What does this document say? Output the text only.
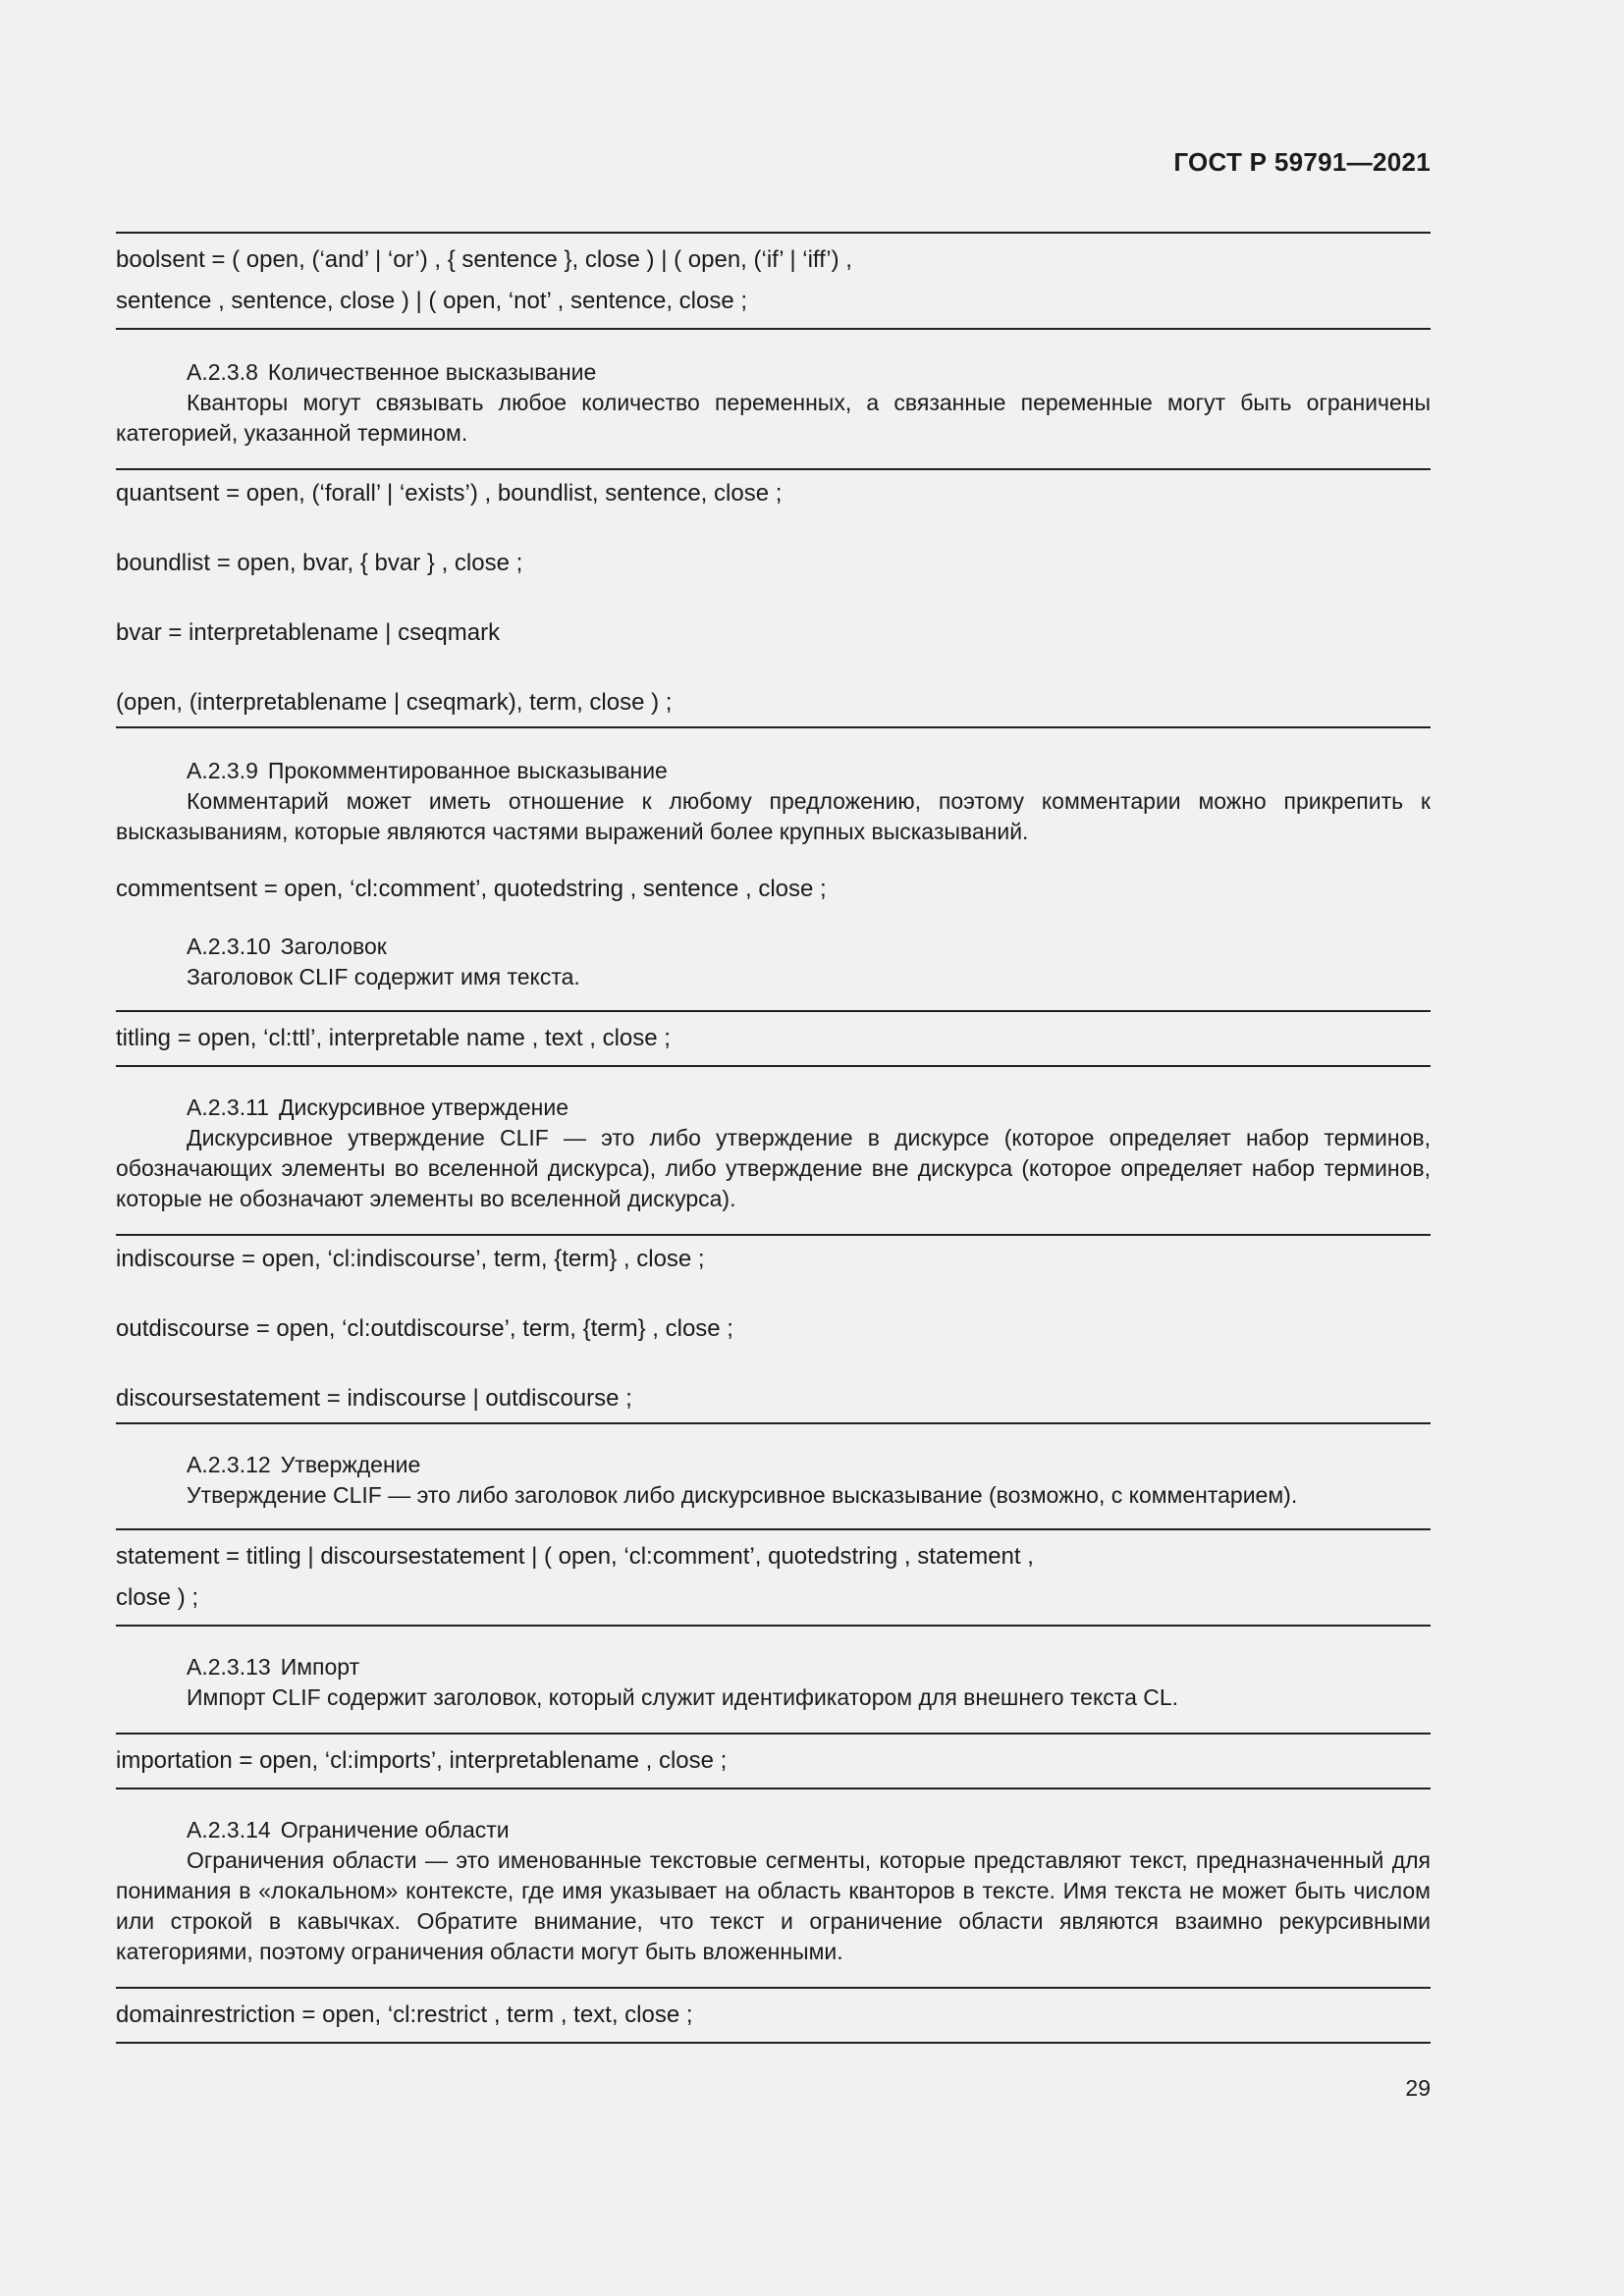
ГОСТ Р 59791—2021
boolsent = ( open, (‘and’ | ‘or’) , { sentence }, close ) | ( open, (‘if’ | ‘iff’) ,
sentence , sentence, close ) | ( open, ‘not’ , sentence, close ;
A.2.3.8 Количественное высказывание
Кванторы могут связывать любое количество переменных, а связанные переменные могут быть ограничены категорией, указанной термином.
quantsent = open, (‘forall’ | ‘exists’) , boundlist, sentence, close ;
boundlist = open, bvar, { bvar } , close ;
bvar = interpretablename | cseqmark
(open, (interpretablename | cseqmark), term, close ) ;
A.2.3.9 Прокомментированное высказывание
Комментарий может иметь отношение к любому предложению, поэтому комментарии можно прикрепить к высказываниям, которые являются частями выражений более крупных высказываний.
commentsent = open, ‘cl:comment’, quotedstring , sentence , close ;
A.2.3.10 Заголовок
Заголовок CLIF содержит имя текста.
titling = open, ‘cl:ttl’, interpretable name , text , close ;
A.2.3.11 Дискурсивное утверждение
Дискурсивное утверждение CLIF — это либо утверждение в дискурсе (которое определяет набор терминов, обозначающих элементы во вселенной дискурса), либо утверждение вне дискурса (которое определяет набор терминов, которые не обозначают элементы во вселенной дискурса).
indiscourse = open, ‘cl:indiscourse’, term, {term} , close ;
outdiscourse = open, ‘cl:outdiscourse’, term, {term} , close ;
discoursestatement = indiscourse | outdiscourse ;
A.2.3.12 Утверждение
Утверждение CLIF — это либо заголовок либо дискурсивное высказывание (возможно, с комментарием).
statement = titling | discoursestatement | ( open, ‘cl:comment’, quotedstring , statement ,
close ) ;
A.2.3.13 Импорт
Импорт CLIF содержит заголовок, который служит идентификатором для внешнего текста CL.
importation = open, ‘cl:imports’, interpretablename , close ;
A.2.3.14 Ограничение области
Ограничения области — это именованные текстовые сегменты, которые представляют текст, предназначенный для понимания в «локальном» контексте, где имя указывает на область кванторов в тексте. Имя текста не может быть числом или строкой в кавычках. Обратите внимание, что текст и ограничение области являются взаимно рекурсивными категориями, поэтому ограничения области могут быть вложенными.
domainrestriction = open, ‘cl:restrict , term , text, close ;
29
